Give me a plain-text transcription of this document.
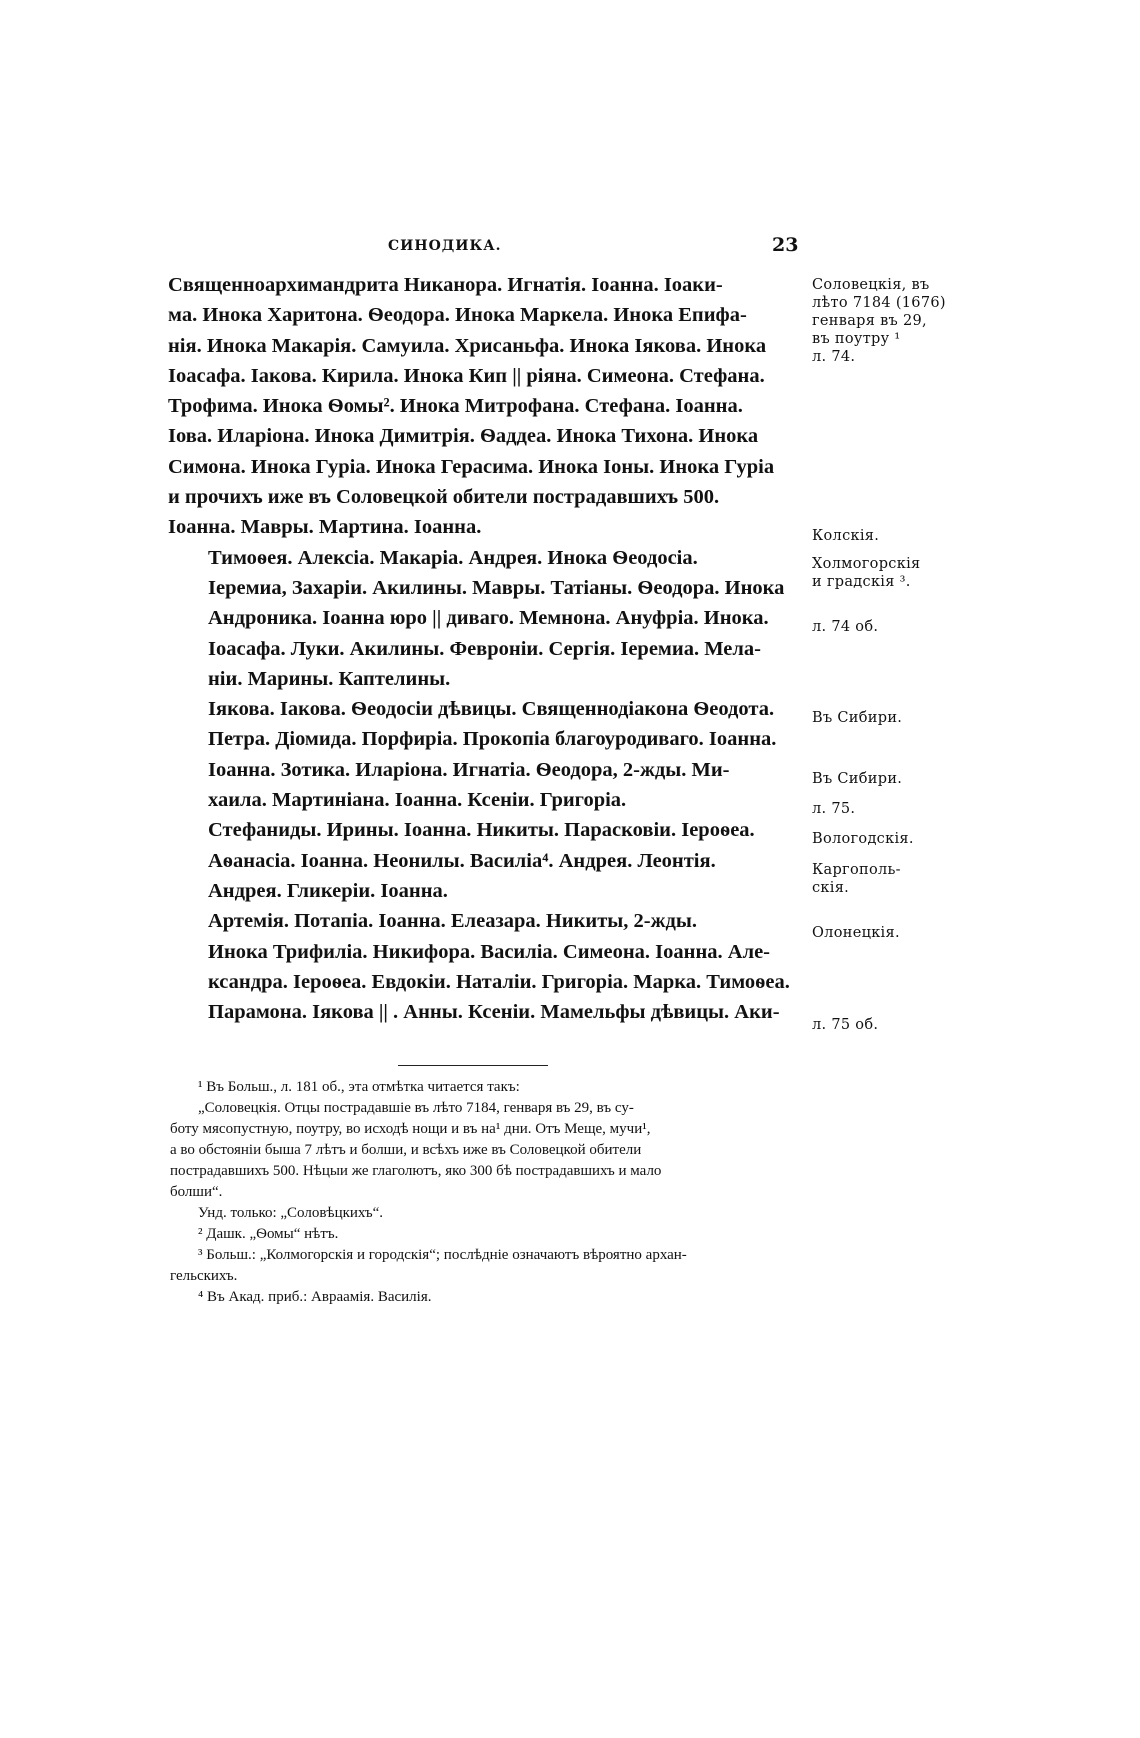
СИНОДИКА.	23
Священноархимандрита Никанора. Игнатія. Іоанна. Іоаки-
ма. Инока Харитона. Ѳеодора. Инока Маркела. Инока Епифа-
нія. Инока Макарія. Самуила. Хрисаньфа. Инока Іякова. Инока
Іоасафа. Іакова. Кирила. Инока Кип || ріяна. Симеона. Стефана.
Трофима. Инока Ѳомы². Инока Митрофана. Стефана. Іоанна.
Іова. Иларіона. Инока Димитрія. Ѳаддеа. Инока Тихона. Инока
Симона. Инока Гуріа. Инока Герасима. Инока Іоны. Инока Гуріа
и прочихъ иже въ Соловецкой обители пострадавшихъ 500.
Іоанна. Мавры. Мартина. Іоанна.
Тимоѳея. Алексіа. Макаріа. Андрея. Инока Ѳеодосіа.
Іеремиа, Захаріи. Акилины. Мавры. Татіаны. Ѳеодора. Инока
Андроника. Іоанна юро || диваго. Мемнона. Ануфріа. Инока.
Іоасафа. Луки. Акилины. Февроніи. Сергія. Іеремиа. Мела-
ніи. Марины. Каптелины.
Іякова. Іакова. Ѳеодосіи дѣвицы. Священнодіакона Ѳеодота.
Петра. Діомида. Порфиріа. Прокопіа благоуродиваго. Іоанна.
Іоанна. Зотика. Иларіона. Игнатіа. Ѳеодора, 2-жды. Ми-
хаила. Мартиніана. Іоанна. Ксеніи. Григоріа.
Стефаниды. Ирины. Іоанна. Никиты. Парасковіи. Іероѳеа.
Аѳанасіа. Іоанна. Неонилы. Василіа⁴. Андрея. Леонтія.
Андрея. Гликеріи. Іоанна.
Артемія. Потапіа. Іоанна. Елеазара. Никиты, 2-жды.
Инока Трифиліа. Никифора. Василіа. Симеона. Іоанна. Але-
ксандра. Іероѳеа. Евдокіи. Наталіи. Григоріа. Марка. Тимоѳеа.
Парамона. Іякова || . Анны. Ксеніи. Мамельфы дѣвицы. Аки-
Соловецкія, въ
лѣто 7184 (1676)
генваря въ 29,
въ поутру ¹
л. 74.
Колскія.
Холмогорскія
и градскія ³.
л. 74 об.
Въ Сибири.
Въ Сибири.
л. 75.
Вологодскія.
Каргополь-
скія.
Олонецкія.
л. 75 об.
¹ Въ Больш., л. 181 об., эта отмѣтка читается такъ:
„Соловецкія. Отцы пострадавшіе въ лѣто 7184, генваря въ 29, въ су-
боту мясопустную, поутру, во исходѣ нощи и въ на¹ дни. Отъ Меще, мучи¹,
а во обстояніи быша 7 лѣтъ и болши, и всѣхъ иже въ Соловецкой обители
пострадавшихъ 500. Нѣцыи же глаголютъ, яко 300 бѣ пострадавшихъ и мало
болши“.
Унд. только: „Соловѣцкихъ“.
² Дашк. „Ѳомы“ нѣтъ.
³ Больш.: „Колмогорскія и городскія“; послѣдніе означаютъ вѣроятно архан-
гельскихъ.
⁴ Въ Акад. приб.: Авраамія. Василія.
